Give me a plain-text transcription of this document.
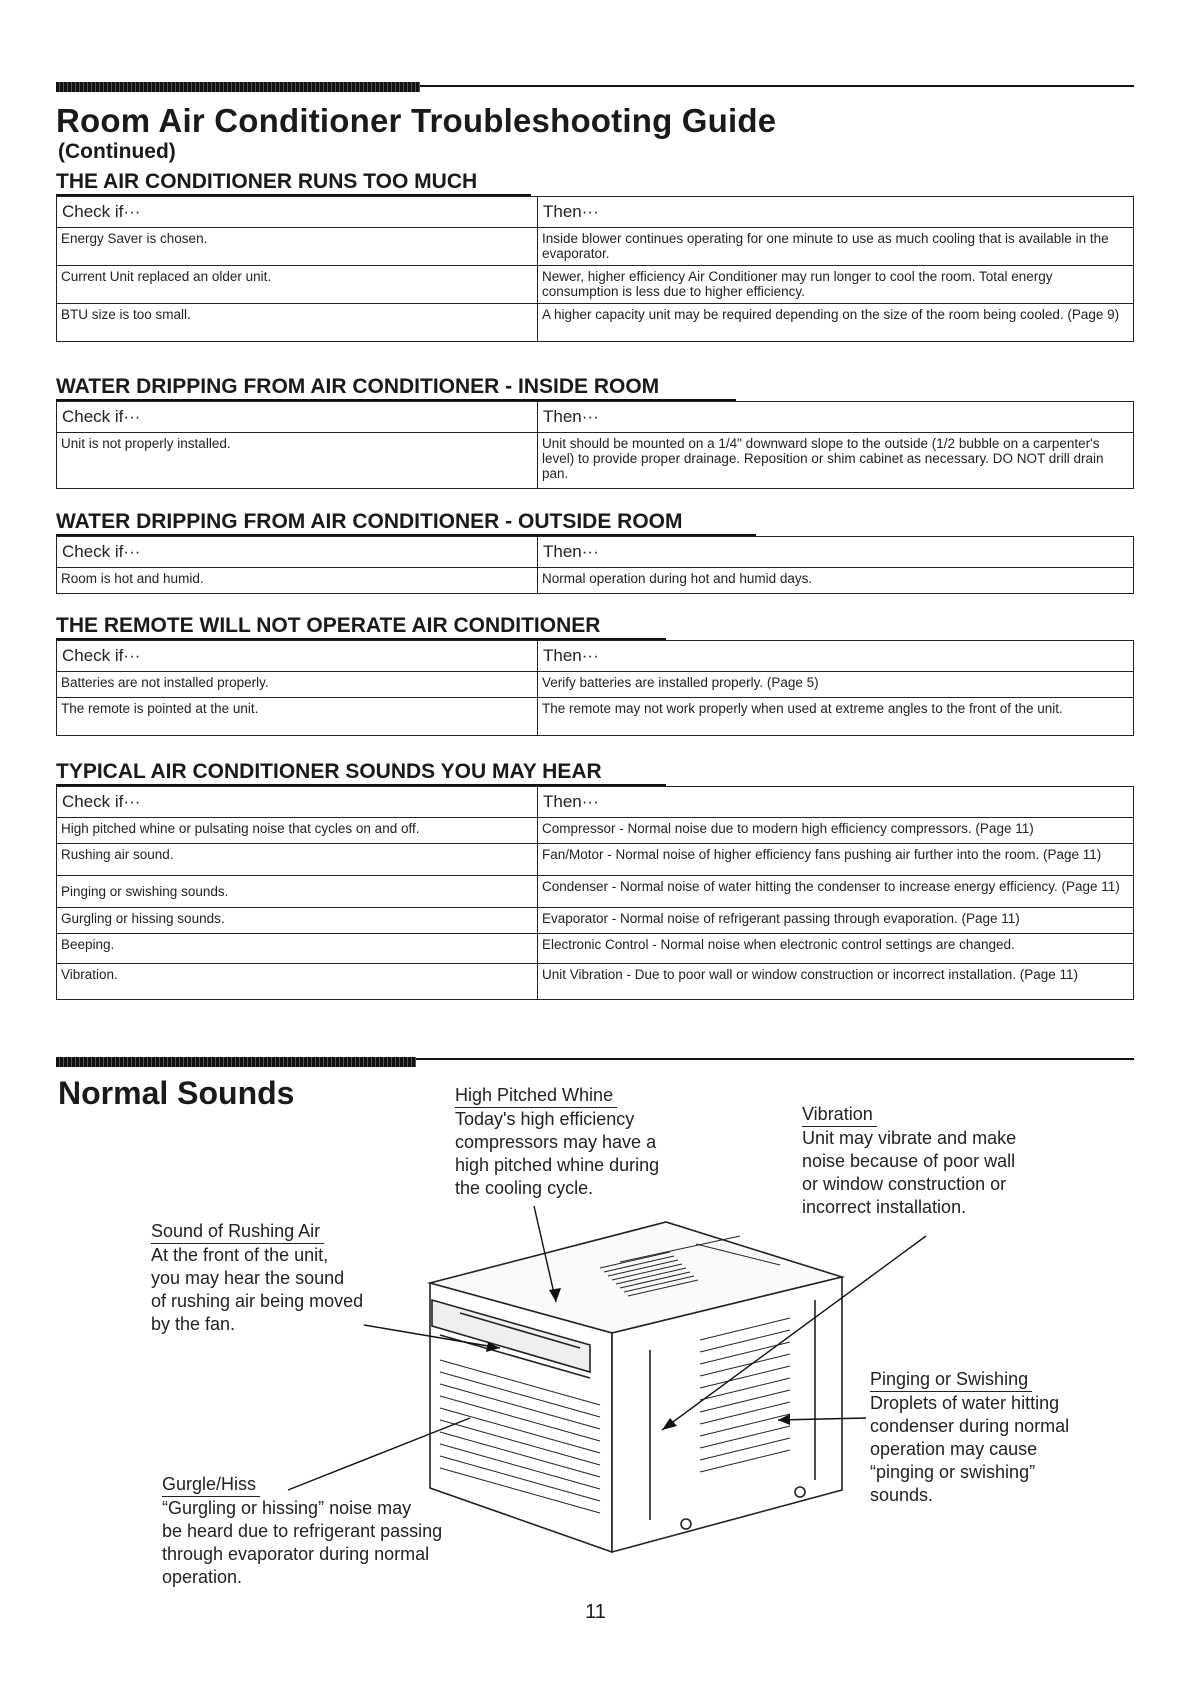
Room Air Conditioner Troubleshooting Guide
(Continued)
THE AIR CONDITIONER RUNS TOO MUCH
Check if···	Then···
Energy Saver is chosen.	Inside blower continues operating for one minute to use as much cooling that is available in the evaporator.
Current Unit replaced an older unit.	Newer, higher efficiency Air Conditioner may run longer to cool the room. Total energy consumption is less due to higher efficiency.
BTU size is too small.	A higher capacity unit may be required depending on the size of the room being cooled. (Page 9)
WATER DRIPPING FROM AIR CONDITIONER - INSIDE ROOM
Check if···	Then···
Unit is not properly installed.	Unit should be mounted on a 1/4" downward slope to the outside (1/2 bubble on a carpenter's level) to provide proper drainage. Reposition or shim cabinet as necessary. DO NOT drill drain pan.
WATER DRIPPING FROM AIR CONDITIONER - OUTSIDE ROOM
Check if···	Then···
Room is hot and humid.	Normal operation during hot and humid days.
THE REMOTE WILL NOT OPERATE AIR CONDITIONER
Check if···	Then···
Batteries are not installed properly.	Verify batteries are installed properly. (Page 5)
The remote is pointed at the unit.	The remote may not work properly when used at extreme angles to the front of the unit.
TYPICAL AIR CONDITIONER SOUNDS YOU MAY HEAR
Check if···	Then···
High pitched whine or pulsating noise that cycles on and off.	Compressor - Normal noise due to modern high efficiency compressors. (Page 11)
Rushing air sound.	Fan/Motor - Normal noise of higher efficiency fans pushing air further into the room. (Page 11)
Pinging or swishing sounds.	Condenser - Normal noise of water hitting the condenser to increase energy efficiency. (Page 11)
Gurgling or hissing sounds.	Evaporator - Normal noise of refrigerant passing through evaporation. (Page 11)
Beeping.	Electronic Control - Normal noise when electronic control settings are changed.
Vibration.	Unit Vibration - Due to poor wall or window construction or incorrect installation. (Page 11)
Normal Sounds	High Pitched Whine
Today's high efficiency
compressors may have a
high pitched whine during
the cooling cycle.
Vibration
Unit may vibrate and make
noise because of poor wall
or window construction or
incorrect installation.
Sound of Rushing Air
At the front of the unit,
you may hear the sound
of rushing air being moved
by the fan.
Pinging or Swishing
Droplets of water hitting
condenser during normal
operation may cause
“pinging or swishing”
sounds.
Gurgle/Hiss
“Gurgling or hissing” noise may
be heard due to refrigerant passing
through evaporator during normal
operation.
11
